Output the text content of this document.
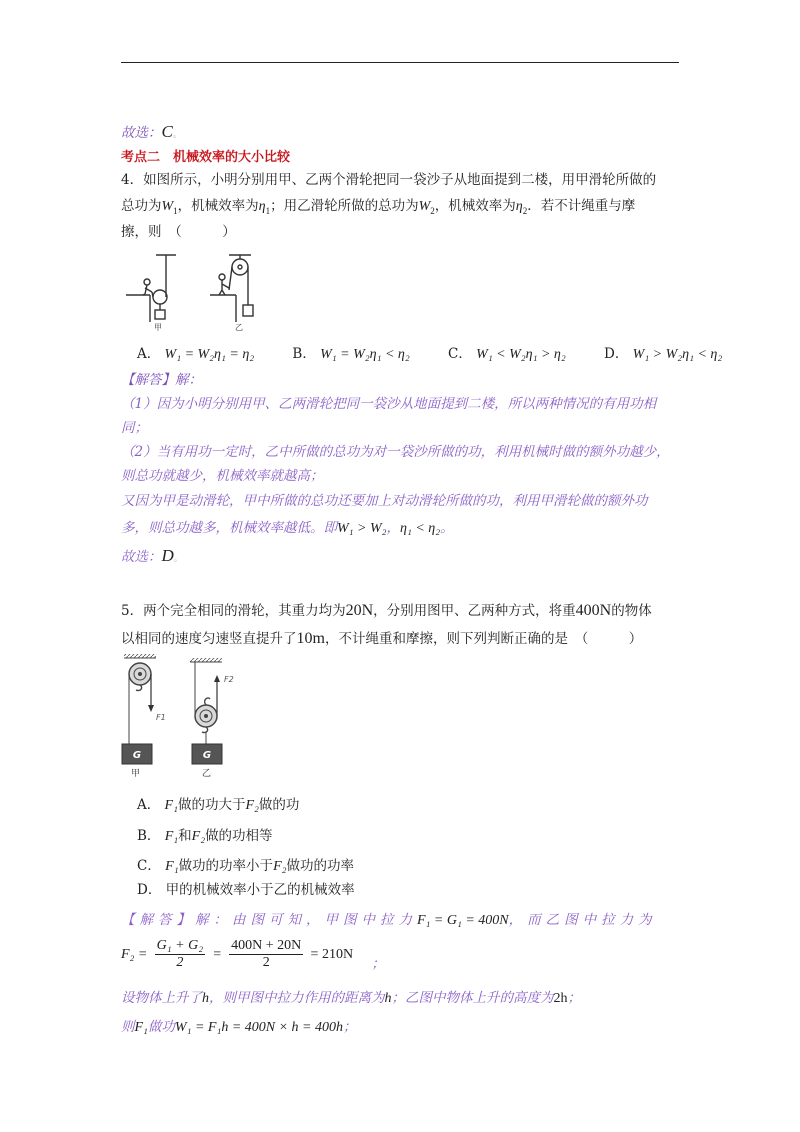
故选：C。
考点二　机械效率的大小比较
4．如图所示，小明分别用甲、乙两个滑轮把同一袋沙子从地面提到二楼，用甲滑轮所做的
总功为$W_1$，机械效率为$\eta_1$；用乙滑轮所做的总功为$W_2$，机械效率为$\eta_2$．若不计绳重与摩
擦，则　（　　　）
甲	乙
A． W₁ = W₂η₁ = η₂	B． W₁ = W₂η₁ < η₂	C． W₁ < W₂η₁ > η₂	D． W₁ > W₂η₁ < η₂
【解答】解：
（1）因为小明分别用甲、乙两滑轮把同一袋沙从地面提到二楼，所以两种情况的有用功相
同；
（2）当有用功一定时，乙中所做的总功为对一袋沙所做的功，利用机械时做的额外功越少，
则总功就越少，机械效率就越高；
又因为甲是动滑轮，甲中所做的总功还要加上对动滑轮所做的功，利用甲滑轮做的额外功
多，则总功越多，机械效率越低。即W₁ > W₂，η₁ < η₂。
故选：D。
5．两个完全相同的滑轮，其重力均为20N，分别用图甲、乙两种方式，将重400N的物体
以相同的速度匀速竖直提升了10m，不计绳重和摩擦，则下列判断正确的是　（　　　）
F1
G
甲
F2
G
乙
A． F₁做的功大于F₂做的功
B． F₁和F₂做的功相等
C． F₁做功的功率小于F₂做功的功率
D． 甲的机械效率小于乙的机械效率
【解答】解：由图可知，甲图中拉力F₁ = G₁ = 400N，而乙图中拉力为
$F_2 = \frac{\text{G₁ + G₂}}{2} = \frac{400N + 20N}{2} = 210N$ ；
设物体上升了h，则甲图中拉力作用的距离为h；乙图中物体上升的高度为2h；
则F₁做功W₁ = F₁h = 400N × h = 400h；
